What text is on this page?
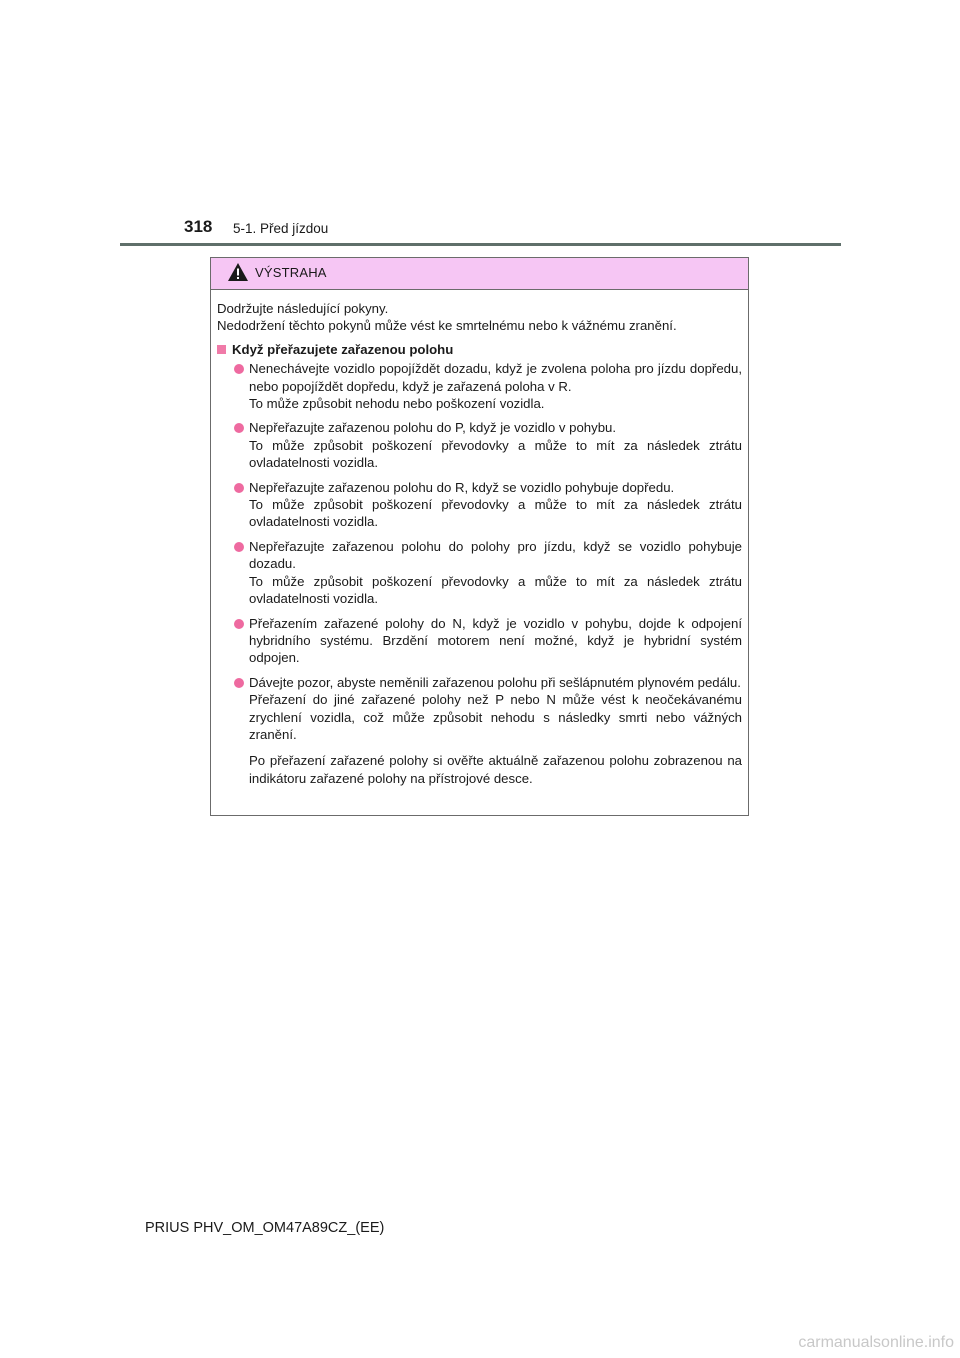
318 5-1. Před jízdou
VÝSTRAHA

Dodržujte následující pokyny.

Nedodržení těchto pokynů může vést ke smrtelnému nebo k vážnému zranění.

Když přeřazujete zařazenou polohu
Nenechávejte vozidlo popojíždět dozadu, když je zvolena poloha pro jízdu dopředu, nebo popojíždět dopředu, když je zařazená poloha v R.
To může způsobit nehodu nebo poškození vozidla.
Nepřeřazujte zařazenou polohu do P, když je vozidlo v pohybu.
To může způsobit poškození převodovky a může to mít za následek ztrátu ovladatelnosti vozidla.
Nepřeřazujte zařazenou polohu do R, když se vozidlo pohybuje dopředu.
To může způsobit poškození převodovky a může to mít za následek ztrátu ovladatelnosti vozidla.
Nepřeřazujte zařazenou polohu do polohy pro jízdu, když se vozidlo pohybuje dozadu.
To může způsobit poškození převodovky a může to mít za následek ztrátu ovladatelnosti vozidla.
Přeřazením zařazené polohy do N, když je vozidlo v pohybu, dojde k odpojení hybridního systému. Brzdění motorem není možné, když je hybridní systém odpojen.
Dávejte pozor, abyste neměnili zařazenou polohu při sešlápnutém plynovém pedálu.
Přeřazení do jiné zařazené polohy než P nebo N může vést k neočekávanému zrychlení vozidla, což může způsobit nehodu s následky smrti nebo vážných zranění.
Po přeřazení zařazené polohy si ověřte aktuálně zařazenou polohu zobrazenou na indikátoru zařazené polohy na přístrojové desce.
PRIUS PHV_OM_OM47A89CZ_(EE)
carmanualsonline.info
